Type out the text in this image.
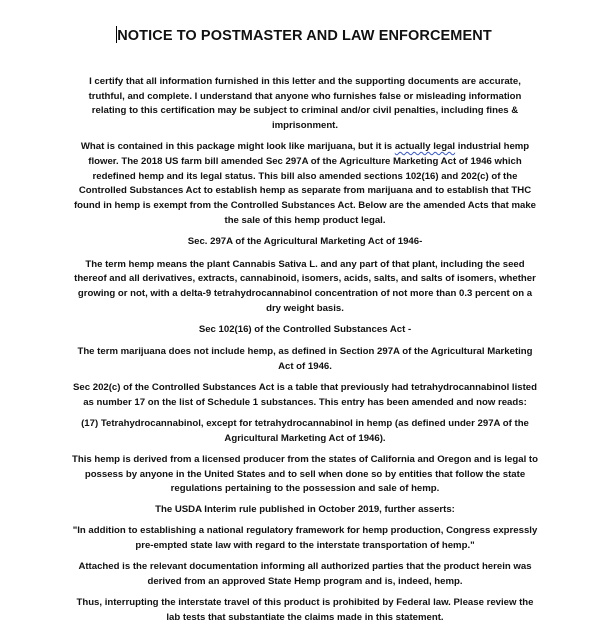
NOTICE TO POSTMASTER AND LAW ENFORCEMENT

I certify that all information furnished in this letter and the supporting documents are accurate, truthful, and complete. I understand that anyone who furnishes false or misleading information relating to this certification may be subject to criminal and/or civil penalties, including fines & imprisonment.

What is contained in this package might look like marijuana, but it is actually legal industrial hemp flower. The 2018 US farm bill amended Sec 297A of the Agriculture Marketing Act of 1946 which redefined hemp and its legal status. This bill also amended sections 102(16) and 202(c) of the Controlled Substances Act to establish hemp as separate from marijuana and to establish that THC found in hemp is exempt from the Controlled Substances Act. Below are the amended Acts that make the sale of this hemp product legal.

Sec. 297A of the Agricultural Marketing Act of 1946-

The term hemp means the plant Cannabis Sativa L. and any part of that plant, including the seed thereof and all derivatives, extracts, cannabinoid, isomers, acids, salts, and salts of isomers, whether growing or not, with a delta-9 tetrahydrocannabinol concentration of not more than 0.3 percent on a dry weight basis.

Sec 102(16) of the Controlled Substances Act -

The term marijuana does not include hemp, as defined in Section 297A of the Agricultural Marketing Act of 1946.

Sec 202(c) of the Controlled Substances Act is a table that previously had tetrahydrocannabinol listed as number 17 on the list of Schedule 1 substances. This entry has been amended and now reads:

(17) Tetrahydrocannabinol, except for tetrahydrocannabinol in hemp (as defined under 297A of the Agricultural Marketing Act of 1946).

This hemp is derived from a licensed producer from the states of California and Oregon and is legal to possess by anyone in the United States and to sell when done so by entities that follow the state regulations pertaining to the possession and sale of hemp.

The USDA Interim rule published in October 2019, further asserts:

"In addition to establishing a national regulatory framework for hemp production, Congress expressly pre-empted state law with regard to the interstate transportation of hemp."

Attached is the relevant documentation informing all authorized parties that the product herein was derived from an approved State Hemp program and is, indeed, hemp.

Thus, interrupting the interstate travel of this product is prohibited by Federal law. Please review the lab tests that substantiate the claims made in this statement.
